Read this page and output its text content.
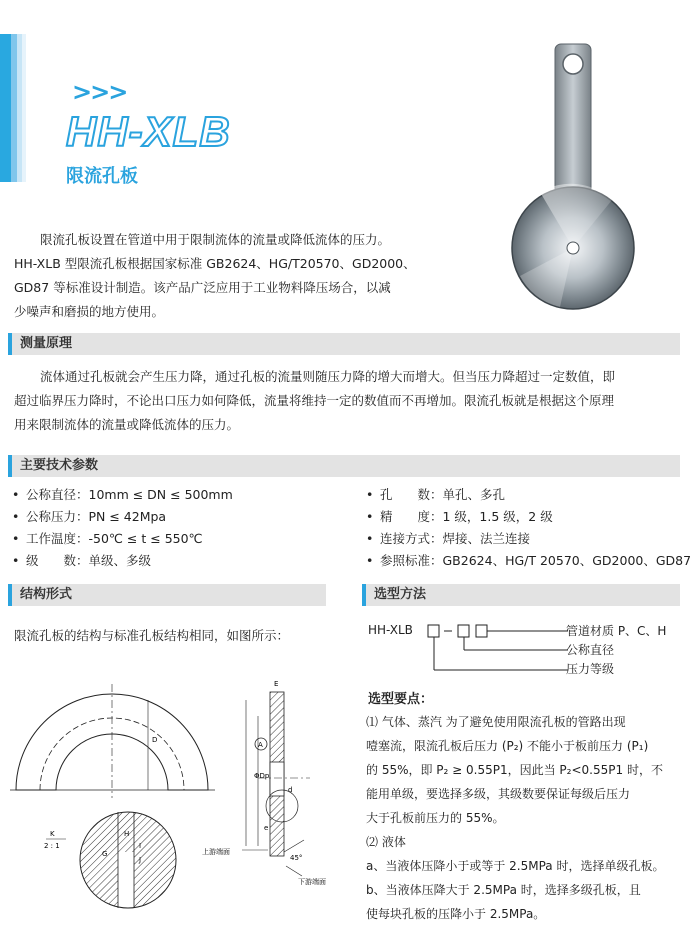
>>>
HH-XLB
限流孔板
限流孔板设置在管道中用于限制流体的流量或降低流体的压力。
HH-XLB 型限流孔板根据国家标准 GB2624、HG/T20570、GD2000、
GD87 等标准设计制造。该产品广泛应用于工业物料降压场合，以减
少噪声和磨损的地方使用。
测量原理
流体通过孔板就会产生压力降，通过孔板的流量则随压力降的增大而增大。但当压力降超过一定数值，即
超过临界压力降时，不论出口压力如何降低，流量将维持一定的数值而不再增加。限流孔板就是根据这个原理
用来限制流体的流量或降低流体的压力。
主要技术参数
• 公称直径：10mm ≤ DN ≤ 500mm
• 公称压力：PN ≤ 42Mpa
• 工作温度：-50℃ ≤ t ≤ 550℃
• 级　　数：单级、多级
• 孔　　数：单孔、多孔
• 精　　度：1 级，1.5 级，2 级
• 连接方式：焊接、法兰连接
• 参照标准：GB2624、HG/T 20570、GD2000、GD87
结构形式
限流孔板的结构与标准孔板结构相同，如图所示：
D
K
2 : 1
G
H
I
J
ΦDp
E
e
d
A
45°
上游端面
下游端面
选型方法
HH-XLB	管道材质 P、C、H
公称直径
压力等级
选型要点：
⑴ 气体、蒸汽 为了避免使用限流孔板的管路出现
噎塞流，限流孔板后压力 (P₂) 不能小于板前压力 (P₁)
的 55%，即 P₂ ≥ 0.55P1，因此当 P₂<0.55P1 时，不
能用单级，要选择多级，其级数要保证每级后压力
大于孔板前压力的 55%。
⑵ 液体
a、当液体压降小于或等于 2.5MPa 时，选择单级孔板。
b、当液体压降大于 2.5MPa 时，选择多级孔板，且
使每块孔板的压降小于 2.5MPa。
